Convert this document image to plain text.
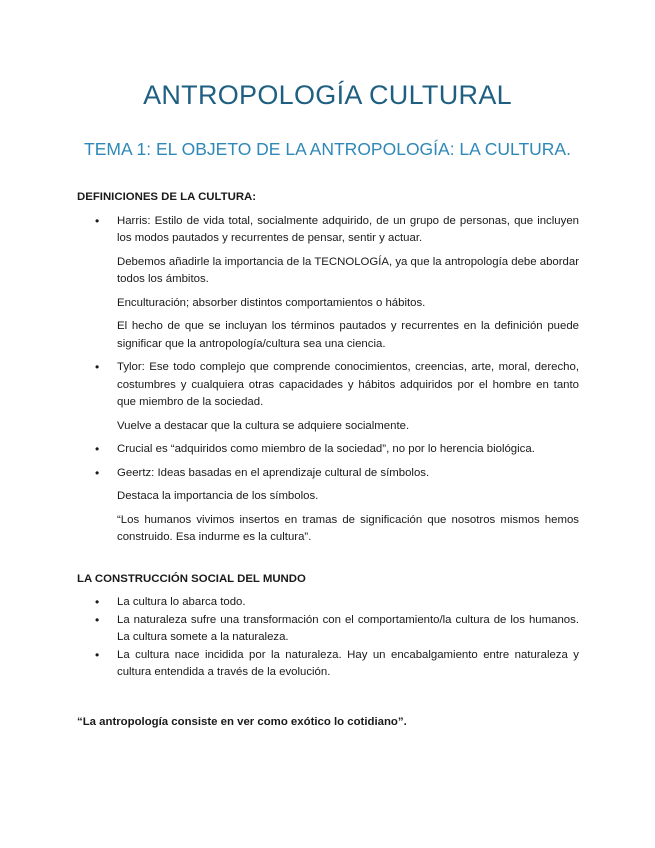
ANTROPOLOGÍA CULTURAL
TEMA 1: EL OBJETO DE LA ANTROPOLOGÍA: LA CULTURA.

DEFINICIONES DE LA CULTURA:

• Harris: Estilo de vida total, socialmente adquirido, de un grupo de personas, que incluyen los modos pautados y recurrentes de pensar, sentir y actuar.

Debemos añadirle la importancia de la TECNOLOGÍA, ya que la antropología debe abordar todos los ámbitos.

Enculturación; absorber distintos comportamientos o hábitos.

El hecho de que se incluyan los términos pautados y recurrentes en la definición puede significar que la antropología/cultura sea una ciencia.

• Tylor: Ese todo complejo que comprende conocimientos, creencias, arte, moral, derecho, costumbres y cualquiera otras capacidades y hábitos adquiridos por el hombre en tanto que miembro de la sociedad.

Vuelve a destacar que la cultura se adquiere socialmente.

• Crucial es “adquiridos como miembro de la sociedad”, no por lo herencia biológica.
• Geertz: Ideas basadas en el aprendizaje cultural de símbolos.

Destaca la importancia de los símbolos.

“Los humanos vivimos insertos en tramas de significación que nosotros mismos hemos construido. Esa indurme es la cultura”.

LA CONSTRUCCIÓN SOCIAL DEL MUNDO

• La cultura lo abarca todo.
• La naturaleza sufre una transformación con el comportamiento/la cultura de los humanos. La cultura somete a la naturaleza.
• La cultura nace incidida por la naturaleza. Hay un encabalgamiento entre naturaleza y cultura entendida a través de la evolución.

“La antropología consiste en ver como exótico lo cotidiano”.
